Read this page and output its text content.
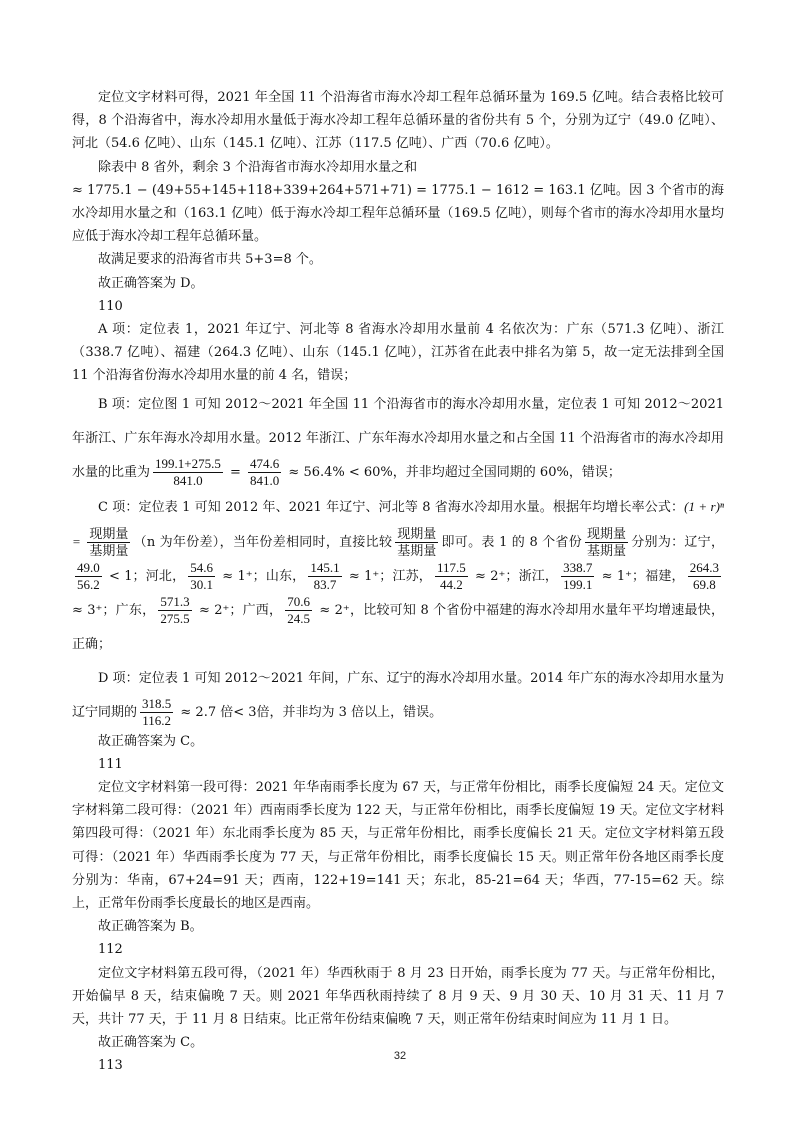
定位文字材料可得，2021 年全国 11 个沿海省市海水冷却工程年总循环量为 169.5 亿吨。结合表格比较可得，8 个沿海省中，海水冷却用水量低于海水冷却工程年总循环量的省份共有 5 个，分别为辽宁（49.0 亿吨）、河北（54.6 亿吨）、山东（145.1 亿吨）、江苏（117.5 亿吨）、广西（70.6 亿吨）。

除表中 8 省外，剩余 3 个沿海省市海水冷却用水量之和

≈ 1775.1 − (49+55+145+118+339+264+571+71) = 1775.1 − 1612 = 163.1 亿吨。因 3 个省市的海水冷却用水量之和（163.1 亿吨）低于海水冷却工程年总循环量（169.5 亿吨），则每个省市的海水冷却用水量均应低于海水冷却工程年总循环量。

故满足要求的沿海省市共 5+3=8 个。

故正确答案为 D。

110

A 项：定位表 1，2021 年辽宁、河北等 8 省海水冷却用水量前 4 名依次为：广东（571.3 亿吨）、浙江（338.7 亿吨）、福建（264.3 亿吨）、山东（145.1 亿吨），江苏省在此表中排名为第 5，故一定无法排到全国 11 个沿海省份海水冷却用水量的前 4 名，错误；

B 项：定位图 1 可知 2012～2021 年全国 11 个沿海省市的海水冷却用水量，定位表 1 可知 2012～2021 年浙江、广东年海水冷却用水量。2012 年浙江、广东年海水冷却用水量之和占全国 11 个沿海省市的海水冷却用水量的比重为 $\frac{199.1+275.5}{841.0} = \frac{474.6}{841.0} \approx 56.4\% < 60\%$，并非均超过全国同期的 60%，错误；

C 项：定位表 1 可知 2012 年、2021 年辽宁、河北等 8 省海水冷却用水量。根据年均增长率公式：$(1 + r)^n = \frac{\text{现期量}}{\text{基期量}} (n$ 为年份差），当年份差相同时，直接比较 $\frac{\text{现期量}}{\text{基期量}}$ 即可。表 1 的 8 个省份 $\frac{\text{现期量}}{\text{基期量}}$ 分别为：辽宁，
$\frac{49.0}{56.2} < 1$；河北， $\frac{54.6}{30.1} \approx 1^+$；山东， $\frac{145.1}{83.7} \approx 1^+$；江苏， $\frac{117.5}{44.2} \approx 2^+$；浙江， $\frac{338.7}{199.1} \approx 1^+$；福建， $\frac{264.3}{69.8}$
≈ 3⁺；广东， $\frac{571.3}{275.5} \approx 2^+$；广西， $\frac{70.6}{24.5} \approx 2^+$，比较可知 8 个省份中福建的海水冷却用水量年平均增速最快，正确；

D 项：定位表 1 可知 2012～2021 年间，广东、辽宁的海水冷却用水量。2014 年广东的海水冷却用水量为辽宁同期的 $\frac{318.5}{116.2} \approx 2.7$ 倍< 3倍，并非均为 3 倍以上，错误。

故正确答案为 C。

111

定位文字材料第一段可得：2021 年华南雨季长度为 67 天，与正常年份相比，雨季长度偏短 24 天。定位文字材料第二段可得：（2021 年）西南雨季长度为 122 天，与正常年份相比，雨季长度偏短 19 天。定位文字材料第四段可得：（2021 年）东北雨季长度为 85 天，与正常年份相比，雨季长度偏长 21 天。定位文字材料第五段可得：（2021 年）华西雨季长度为 77 天，与正常年份相比，雨季长度偏长 15 天。则正常年份各地区雨季长度分别为：华南，67+24=91 天；西南，122+19=141 天；东北，85-21=64 天；华西，77-15=62 天。综上，正常年份雨季长度最长的地区是西南。

故正确答案为 B。

112

定位文字材料第五段可得，（2021 年）华西秋雨于 8 月 23 日开始，雨季长度为 77 天。与正常年份相比，开始偏早 8 天，结束偏晚 7 天。则 2021 年华西秋雨持续了 8 月 9 天、9 月 30 天、10 月 31 天、11 月 7 天，共计 77 天，于 11 月 8 日结束。比正常年份结束偏晚 7 天，则正常年份结束时间应为 11 月 1 日。

故正确答案为 C。

113

32
